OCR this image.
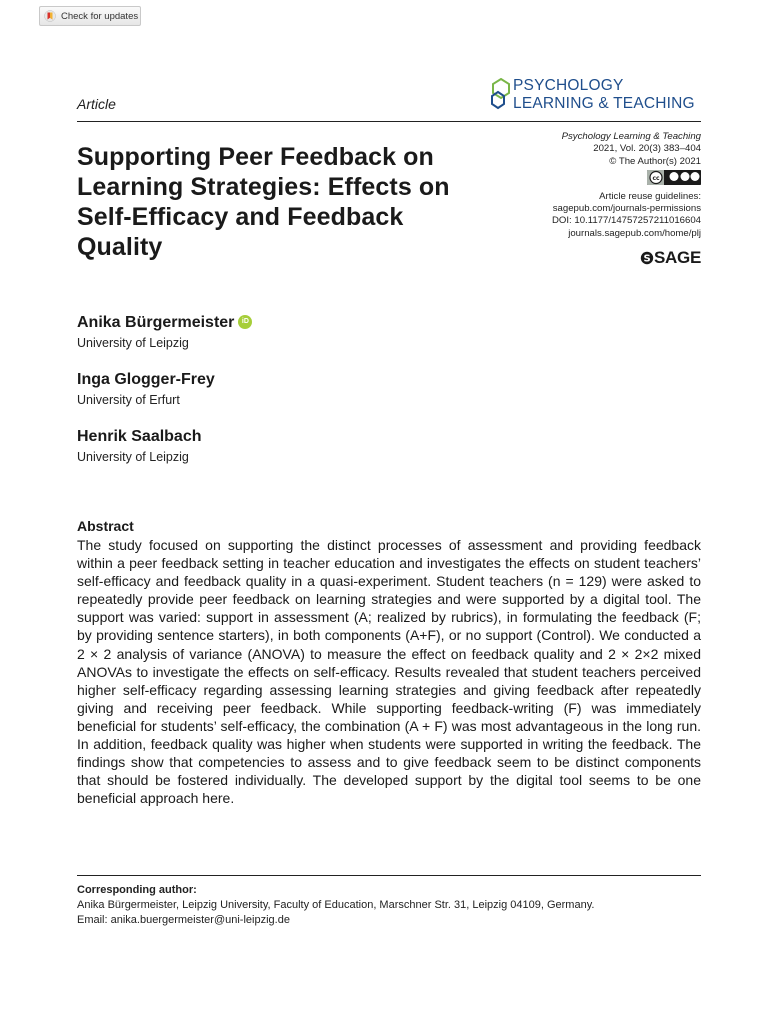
Check for updates
Article
PSYCHOLOGY
LEARNING & TEACHING
Psychology Learning & Teaching
2021, Vol. 20(3) 383–404
© The Author(s) 2021
cc
Article reuse guidelines:
sagepub.com/journals-permissions
DOI: 10.1177/14757257211016604
journals.sagepub.com/home/plj
S SAGE
Supporting Peer Feedback on Learning Strategies: Effects on Self-Efficacy and Feedback Quality
Anika Bürgermeister	iD
University of Leipzig
Inga Glogger-Frey
University of Erfurt
Henrik Saalbach
University of Leipzig
Abstract
The study focused on supporting the distinct processes of assessment and providing feedback within a peer feedback setting in teacher education and investigates the effects on student teachers’ self-efficacy and feedback quality in a quasi-experiment. Student teachers (n = 129) were asked to repeatedly provide peer feedback on learning strategies and were supported by a digital tool. The support was varied: support in assessment (A; realized by rubrics), in formulating the feedback (F; by providing sentence starters), in both components (A+F), or no support (Control). We conducted a 2 × 2 analysis of variance (ANOVA) to measure the effect on feedback quality and 2 × 2×2 mixed ANOVAs to investigate the effects on self-efficacy. Results revealed that student teachers perceived higher self-efficacy regarding assessing learning strategies and giving feedback after repeatedly giving and receiving peer feedback. While supporting feedback-writing (F) was immediately beneficial for students’ self-efficacy, the combination (A + F) was most advantageous in the long run. In addition, feedback quality was higher when students were supported in writing the feedback. The findings show that competencies to assess and to give feedback seem to be distinct components that should be fostered individually. The developed support by the digital tool seems to be one beneficial approach here.
Corresponding author:
Anika Bürgermeister, Leipzig University, Faculty of Education, Marschner Str. 31, Leipzig 04109, Germany.
Email: anika.buergermeister@uni-leipzig.de
